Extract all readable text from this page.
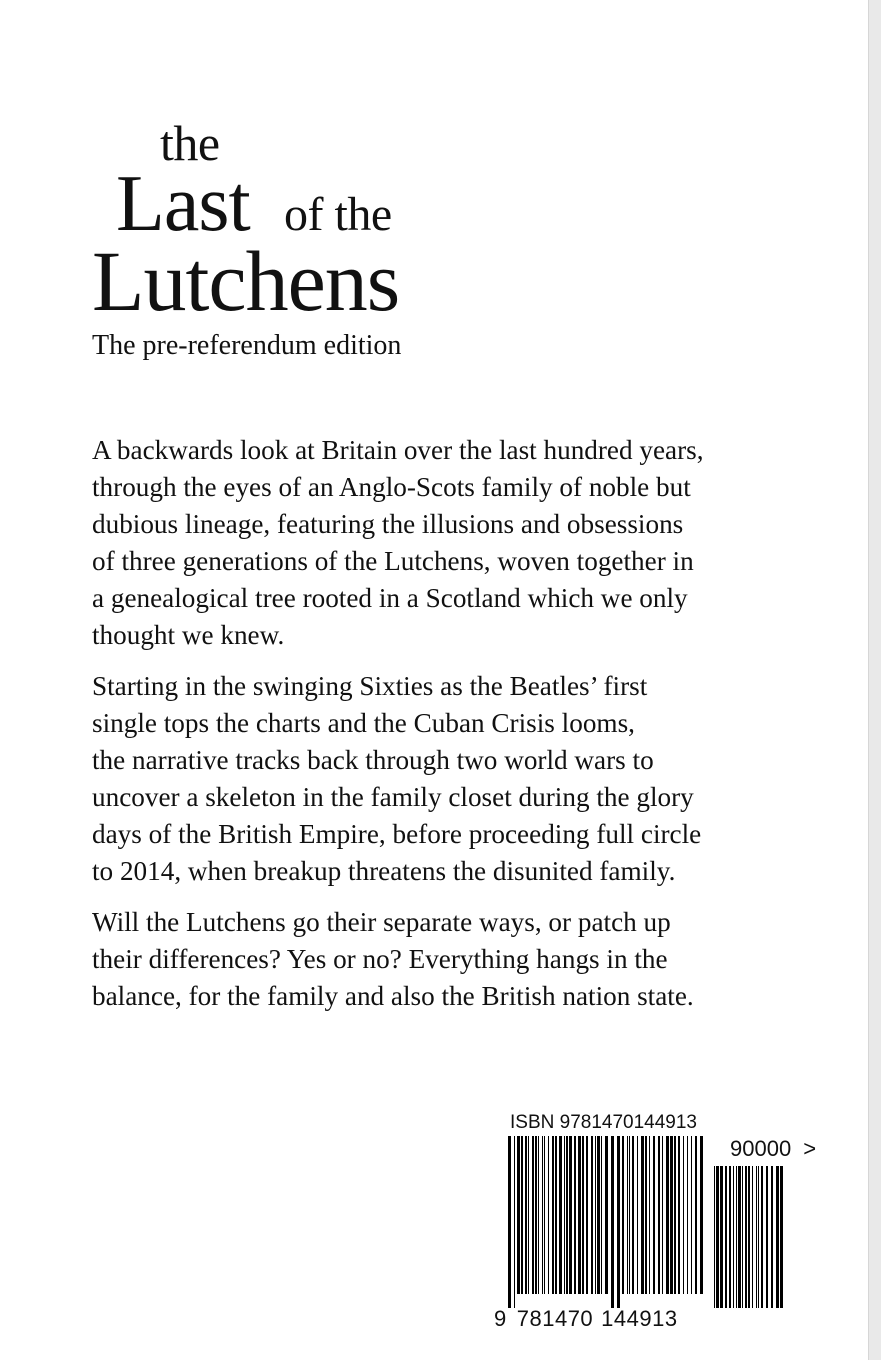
the
Last of the
Lutchens
The pre-referendum edition
A backwards look at Britain over the last hundred years,
through the eyes of an Anglo-Scots family of noble but
dubious lineage, featuring the illusions and obsessions
of three generations of the Lutchens, woven together in
a genealogical tree rooted in a Scotland which we only
thought we knew.
Starting in the swinging Sixties as the Beatles’ first
single tops the charts and the Cuban Crisis looms,
the narrative tracks back through two world wars to
uncover a skeleton in the family closet during the glory
days of the British Empire, before proceeding full circle
to 2014, when breakup threatens the disunited family.
Will the Lutchens go their separate ways, or patch up
their differences? Yes or no? Everything hangs in the
balance, for the family and also the British nation state.
ISBN 9781470144913
90000 >
9 781470 144913
